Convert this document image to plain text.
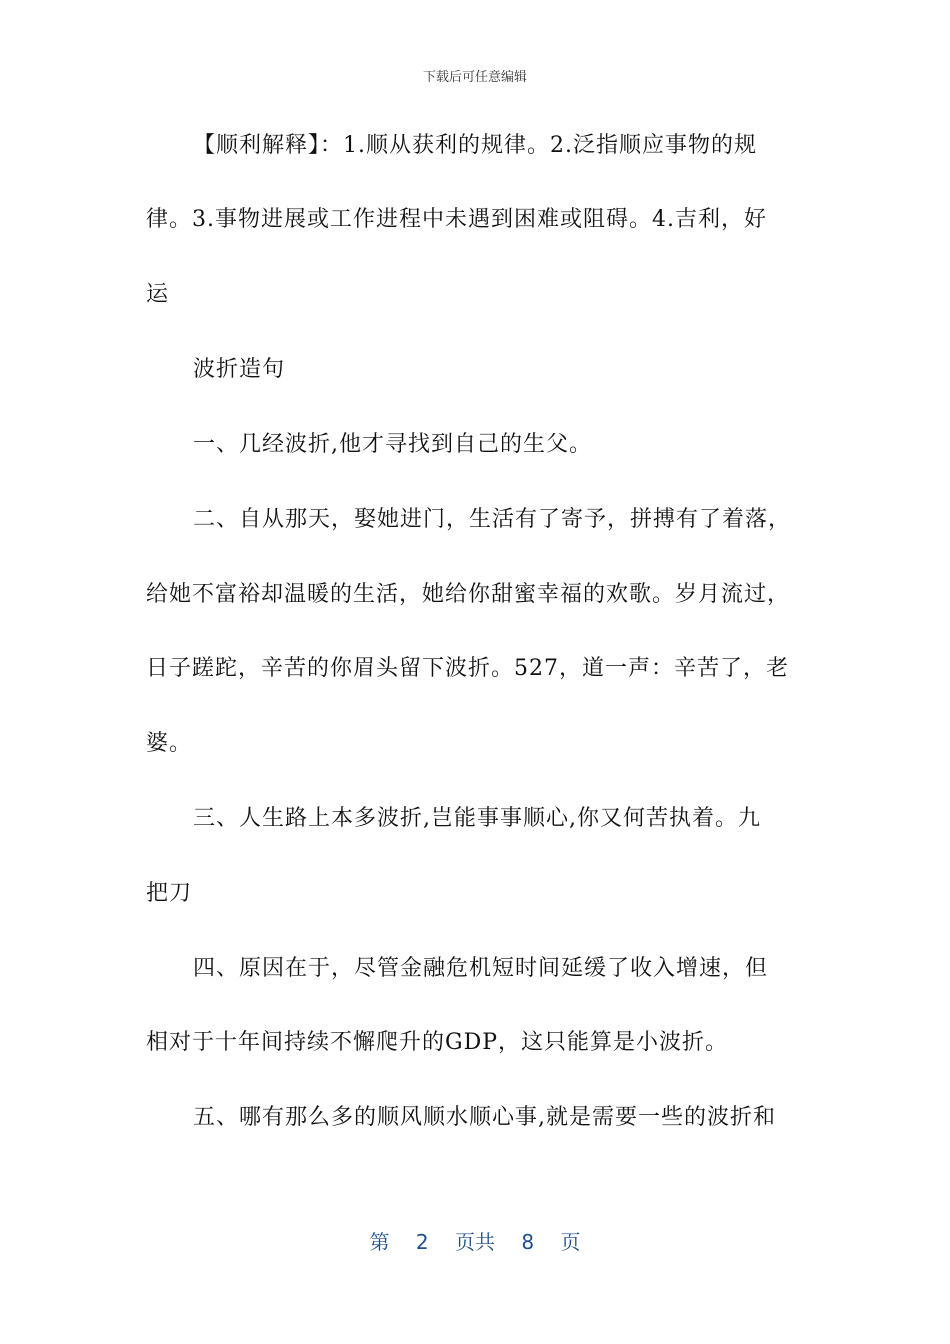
下载后可任意编辑
【顺利解释】：1.顺从获利的规律。2.泛指顺应事物的规
律。3.事物进展或工作进程中未遇到困难或阻碍。4.吉利，好
运
波折造句
一、几经波折,他才寻找到自己的生父。
二、自从那天，娶她进门，生活有了寄予，拼搏有了着落，
给她不富裕却温暖的生活，她给你甜蜜幸福的欢歌。岁月流过，
日子蹉跎，辛苦的你眉头留下波折。527，道一声：辛苦了，老
婆。
三、人生路上本多波折,岂能事事顺心,你又何苦执着。九
把刀
四、原因在于，尽管金融危机短时间延缓了收入增速，但
相对于十年间持续不懈爬升的GDP，这只能算是小波折。
五、哪有那么多的顺风顺水顺心事,就是需要一些的波折和
第 2 页共 8 页
